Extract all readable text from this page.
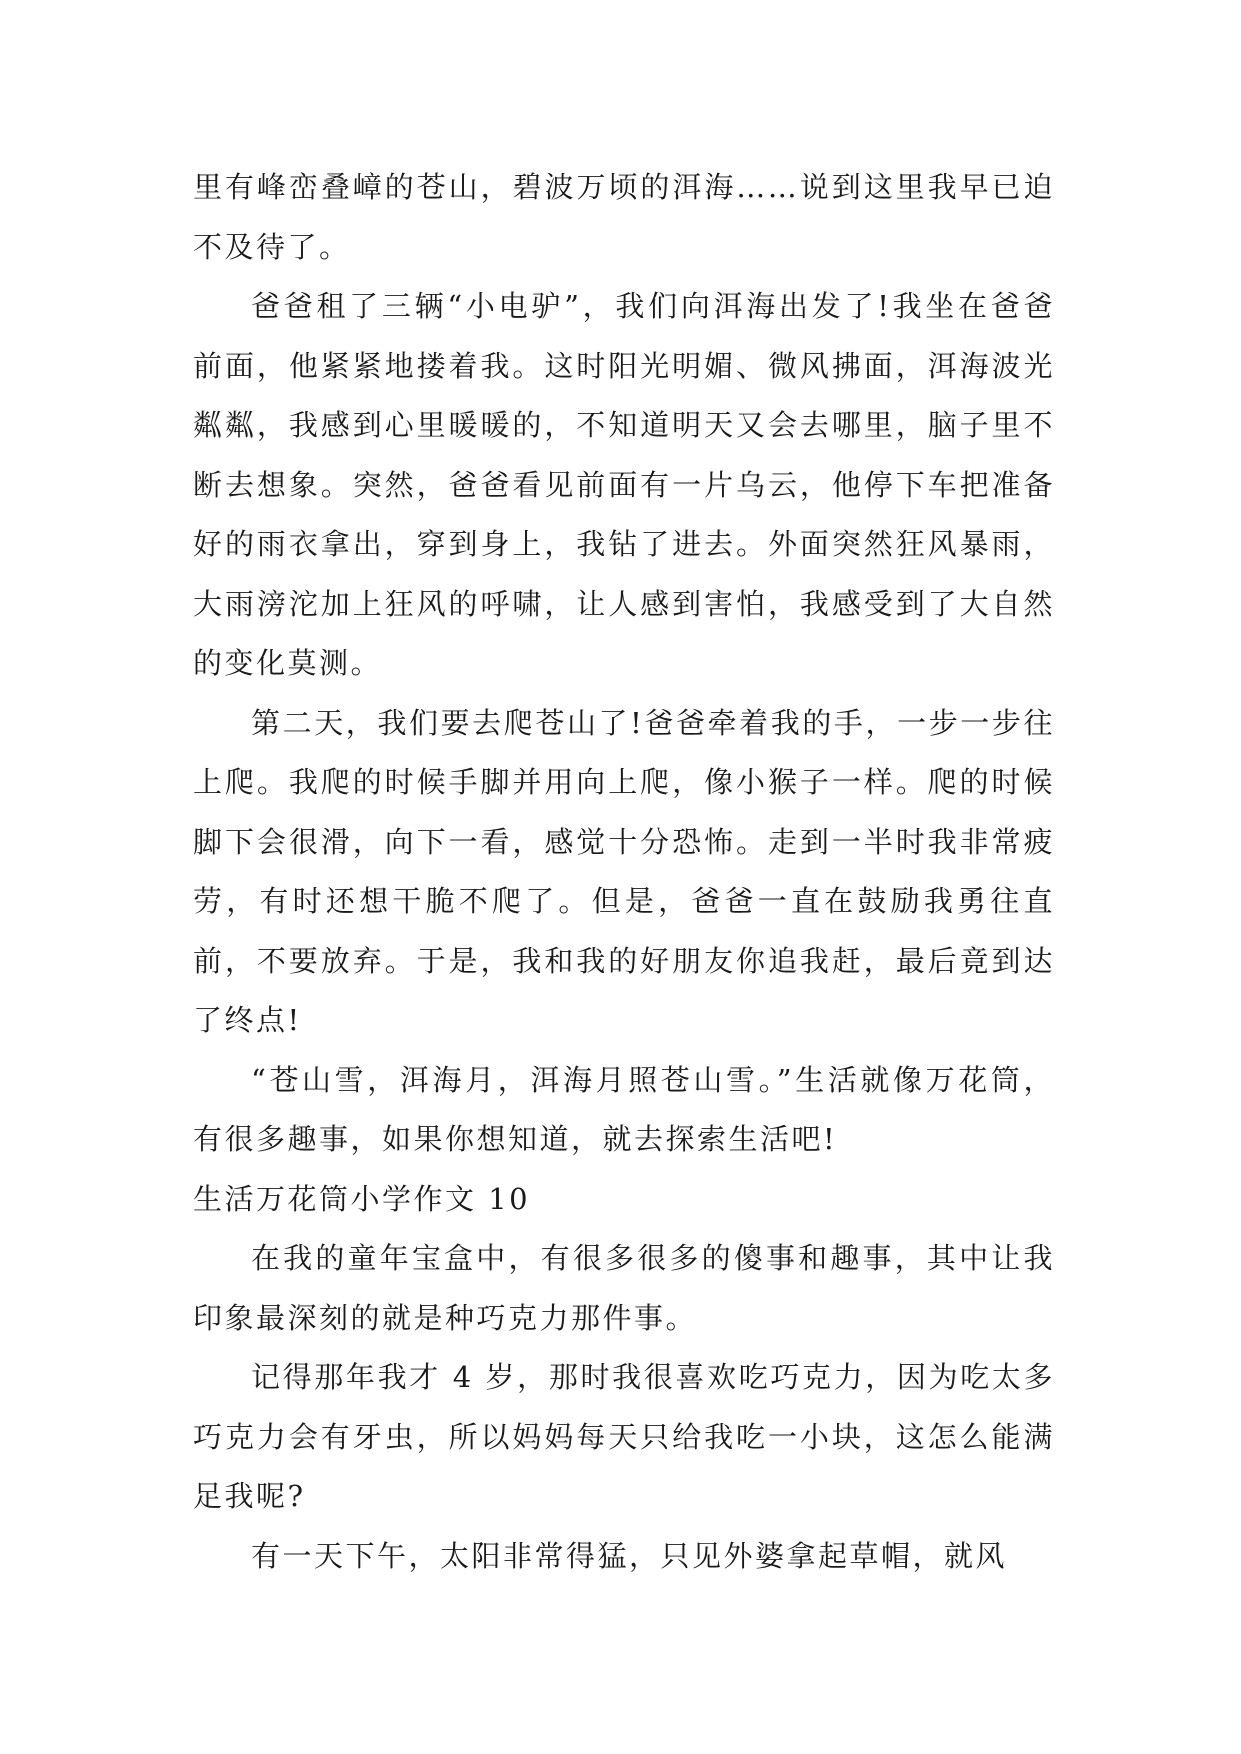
里有峰峦叠嶂的苍山，碧波万顷的洱海……说到这里我早已迫不及待了。

爸爸租了三辆“小电驴”，我们向洱海出发了!我坐在爸爸前面，他紧紧地搂着我。这时阳光明媚、微风拂面，洱海波光粼粼，我感到心里暖暖的，不知道明天又会去哪里，脑子里不断去想象。突然，爸爸看见前面有一片乌云，他停下车把准备好的雨衣拿出，穿到身上，我钻了进去。外面突然狂风暴雨，大雨滂沱加上狂风的呼啸，让人感到害怕，我感受到了大自然的变化莫测。

第二天，我们要去爬苍山了!爸爸牵着我的手，一步一步往上爬。我爬的时候手脚并用向上爬，像小猴子一样。爬的时候脚下会很滑，向下一看，感觉十分恐怖。走到一半时我非常疲劳，有时还想干脆不爬了。但是，爸爸一直在鼓励我勇往直前，不要放弃。于是，我和我的好朋友你追我赶，最后竟到达了终点!

“苍山雪，洱海月，洱海月照苍山雪。”生活就像万花筒，有很多趣事，如果你想知道，就去探索生活吧!

生活万花筒小学作文 10

在我的童年宝盒中，有很多很多的傻事和趣事，其中让我印象最深刻的就是种巧克力那件事。

记得那年我才 4 岁，那时我很喜欢吃巧克力，因为吃太多巧克力会有牙虫，所以妈妈每天只给我吃一小块，这怎么能满足我呢?

有一天下午，太阳非常得猛，只见外婆拿起草帽，就风
